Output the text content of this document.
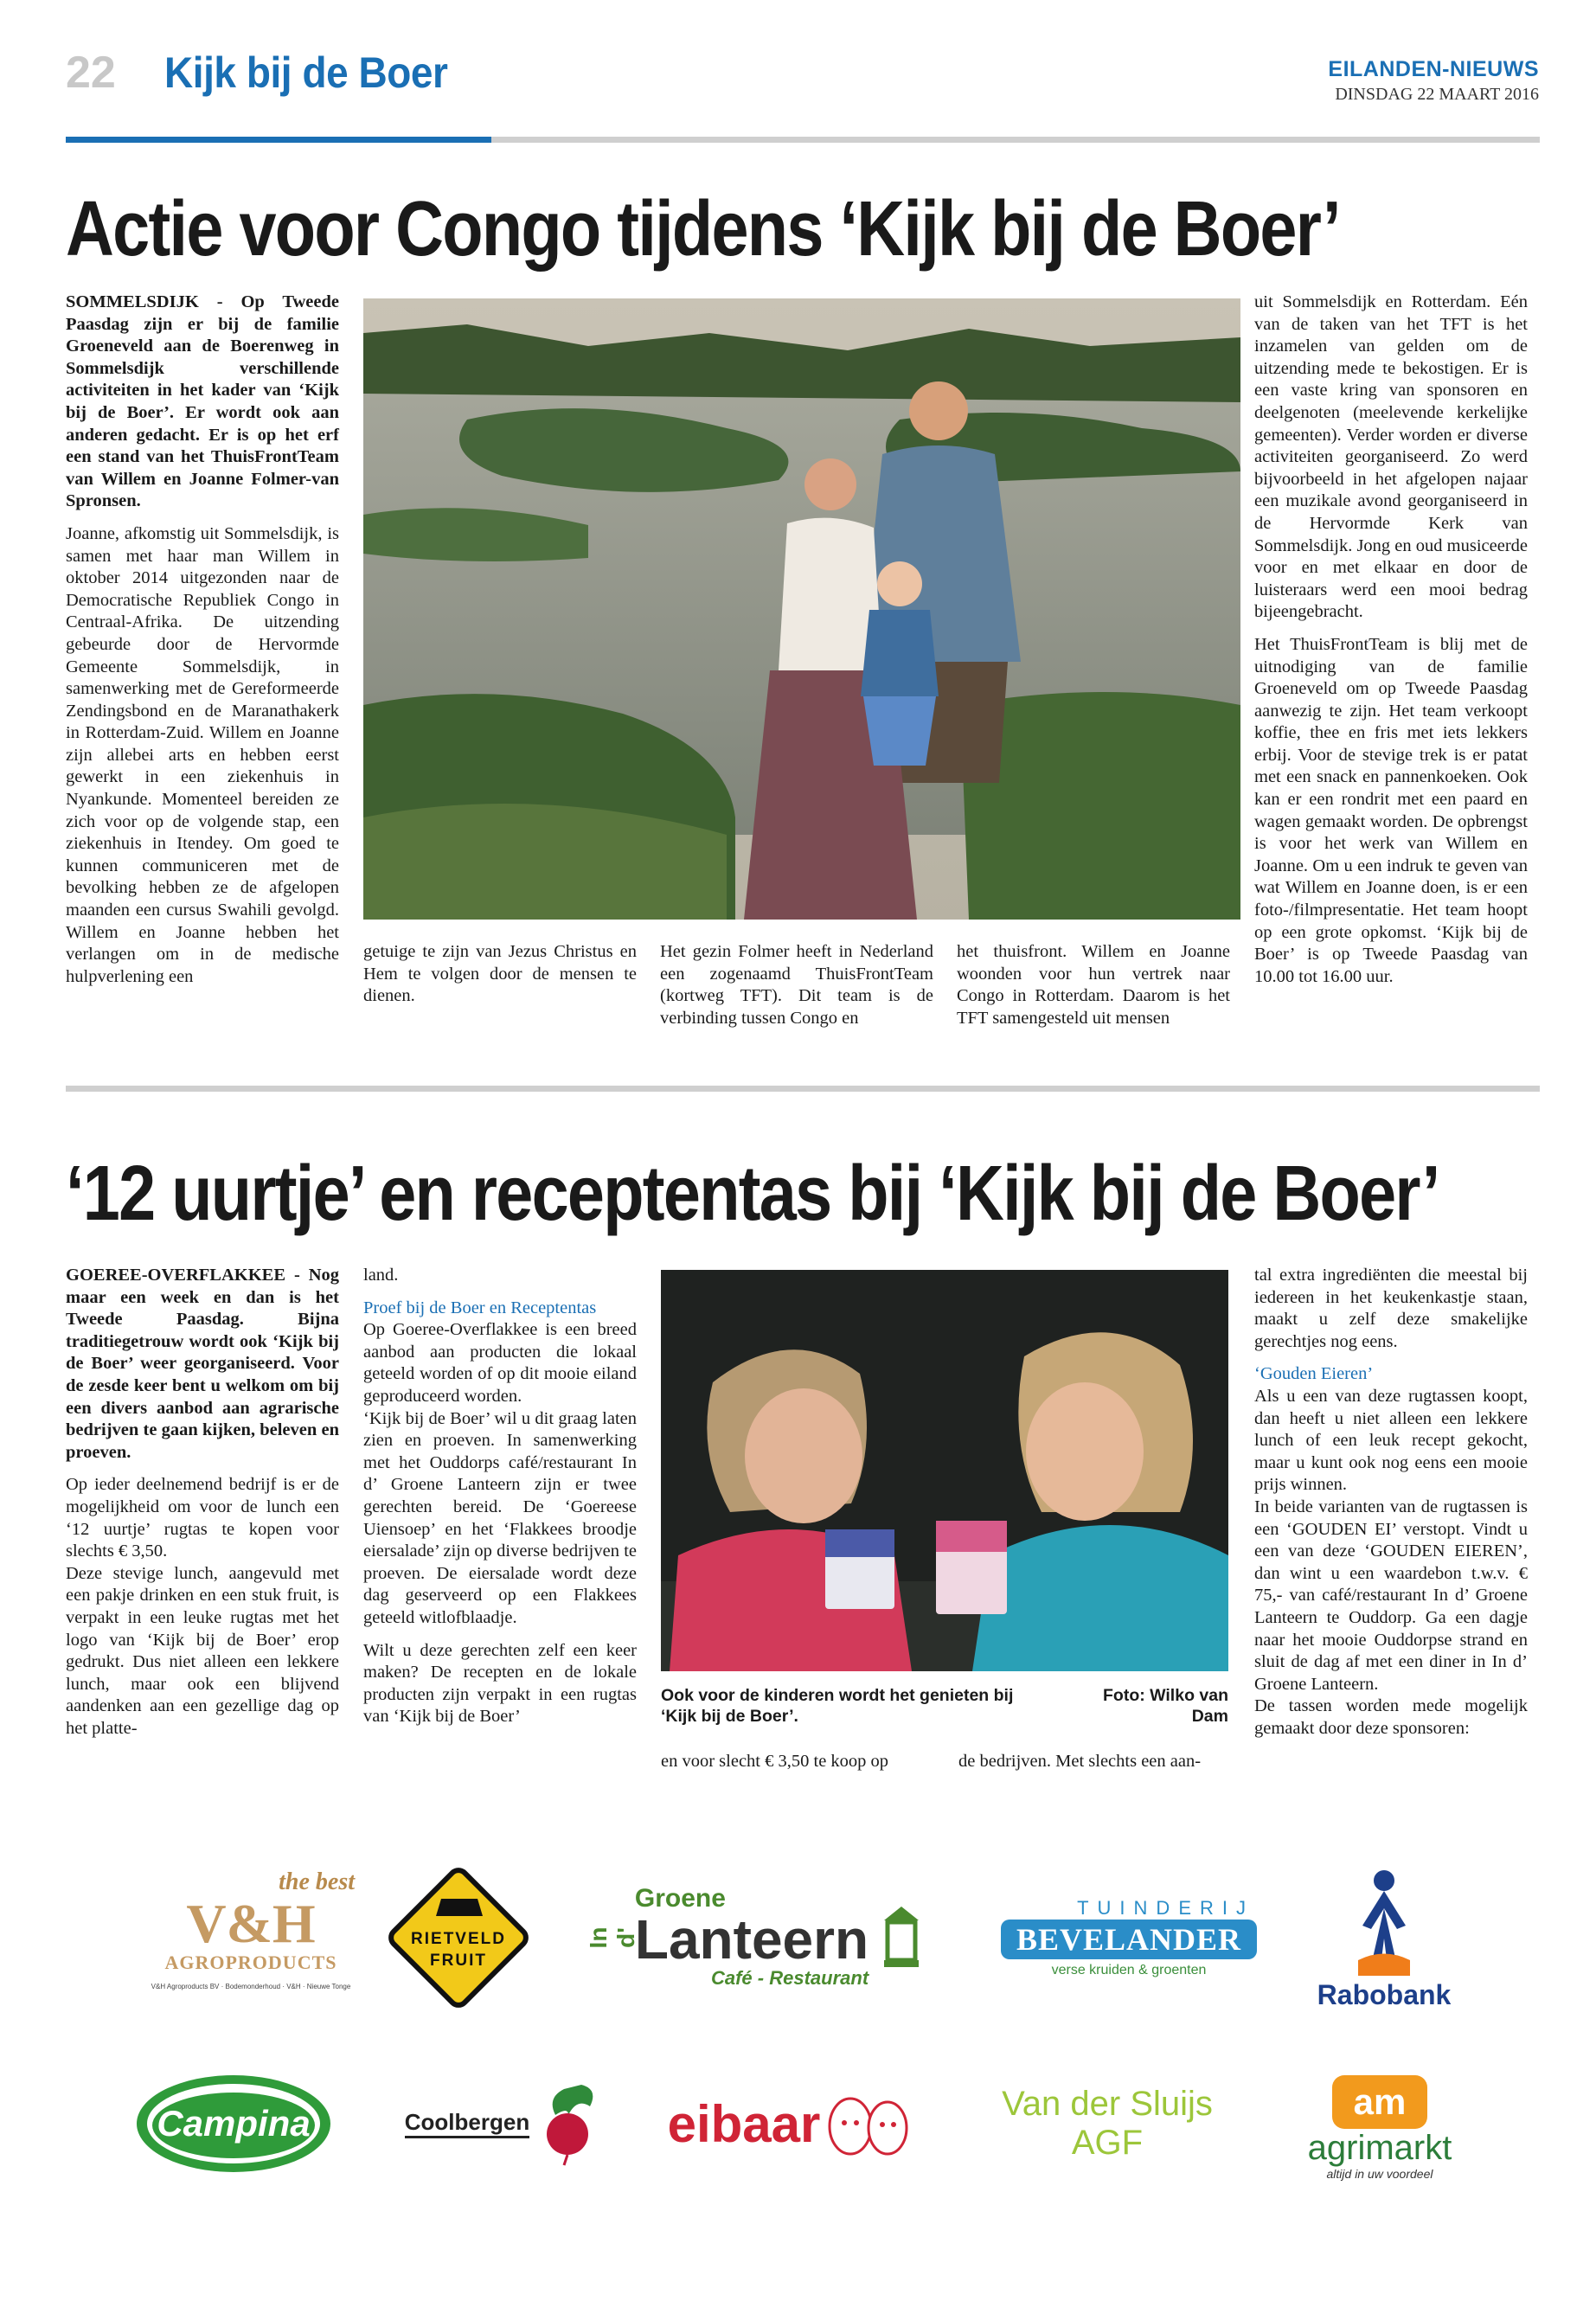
22 Kijk bij de Boer	EILANDEN-NIEUWS
DINSDAG 22 MAART 2016
Actie voor Congo tijdens ‘Kijk bij de Boer’

SOMMELSDIJK - Op Tweede Paasdag zijn er bij de familie Groeneveld aan de Boerenweg in Sommelsdijk verschillende activiteiten in het kader van ‘Kijk bij de Boer’. Er wordt ook aan anderen gedacht. Er is op het erf een stand van het ThuisFrontTeam van Willem en Joanne Folmer-van Spronsen.

Joanne, afkomstig uit Sommelsdijk, is samen met haar man Willem in oktober 2014 uitgezonden naar de Democratische Republiek Congo in Centraal-Afrika. De uitzending gebeurde door de Hervormde Gemeente Sommelsdijk, in samenwerking met de Gereformeerde Zendingsbond en de Maranathakerk in Rotterdam-Zuid. Willem en Joanne zijn allebei arts en hebben eerst gewerkt in een ziekenhuis in Nyankunde. Momenteel bereiden ze zich voor op de volgende stap, een ziekenhuis in Itendey. Om goed te kunnen communiceren met de bevolking hebben ze de afgelopen maanden een cursus Swahili gevolgd. Willem en Joanne hebben het verlangen om in de medische hulpverlening een

getuige te zijn van Jezus Christus en Hem te volgen door de mensen te dienen.

Het gezin Folmer heeft in Nederland een zogenaamd ThuisFrontTeam (kortweg TFT). Dit team is de verbinding tussen Congo en

het thuisfront. Willem en Joanne woonden voor hun vertrek naar Congo in Rotterdam. Daarom is het TFT samengesteld uit mensen

uit Sommelsdijk en Rotterdam. Eén van de taken van het TFT is het inzamelen van gelden om de uitzending mede te bekostigen. Er is een vaste kring van sponsoren en deelgenoten (meelevende kerkelijke gemeenten). Verder worden er diverse activiteiten georganiseerd. Zo werd bijvoorbeeld in het afgelopen najaar een muzikale avond georganiseerd in de Hervormde Kerk van Sommelsdijk. Jong en oud musiceerde voor en met elkaar en door de luisteraars werd een mooi bedrag bijeengebracht.

Het ThuisFrontTeam is blij met de uitnodiging van de familie Groeneveld om op Tweede Paasdag aanwezig te zijn. Het team verkoopt koffie, thee en fris met iets lekkers erbij. Voor de stevige trek is er patat met een snack en pannenkoeken. Ook kan er een rondrit met een paard en wagen gemaakt worden. De opbrengst is voor het werk van Willem en Joanne. Om u een indruk te geven van wat Willem en Joanne doen, is er een foto-/filmpresentatie. Het team hoopt op een grote opkomst. ‘Kijk bij de Boer’ is op Tweede Paasdag van 10.00 tot 16.00 uur.

‘12 uurtje’ en receptentas bij ‘Kijk bij de Boer’

GOEREE-OVERFLAKKEE - Nog maar een week en dan is het Tweede Paasdag. Bijna traditiegetrouw wordt ook ‘Kijk bij de Boer’ weer georganiseerd. Voor de zesde keer bent u welkom om bij een divers aanbod aan agrarische bedrijven te gaan kijken, beleven en proeven.

Op ieder deelnemend bedrijf is er de mogelijkheid om voor de lunch een ‘12 uurtje’ rugtas te kopen voor slechts € 3,50.

Deze stevige lunch, aangevuld met een pakje drinken en een stuk fruit, is verpakt in een leuke rugtas met het logo van ‘Kijk bij de Boer’ erop gedrukt. Dus niet alleen een lekkere lunch, maar ook een blijvend aandenken aan een gezellige dag op het platte-

land.

Proef bij de Boer en Receptentas

Op Goeree-Overflakkee is een breed aanbod aan producten die lokaal geteeld worden of op dit mooie eiland geproduceerd worden.

‘Kijk bij de Boer’ wil u dit graag laten zien en proeven. In samenwerking met het Ouddorps café/restaurant In d’ Groene Lanteern zijn er twee gerechten bereid. De ‘Goereese Uiensoep’ en het ‘Flakkees broodje eiersalade’ zijn op diverse bedrijven te proeven. De eiersalade wordt deze dag geserveerd op een Flakkees geteeld witlofblaadje.

Wilt u deze gerechten zelf een keer maken? De recepten en de lokale producten zijn verpakt in een rugtas van ‘Kijk bij de Boer’

Ook voor de kinderen wordt het genieten bij ‘Kijk bij de Boer’.
Foto: Wilko van Dam

en voor slecht € 3,50 te koop op	de bedrijven. Met slechts een aan-

tal extra ingrediënten die meestal bij iedereen in het keukenkastje staan, maakt u zelf deze smakelijke gerechtjes nog eens.

‘Gouden Eieren’

Als u een van deze rugtassen koopt, dan heeft u niet alleen een lekkere lunch of een leuk recept gekocht, maar u kunt ook nog eens een mooie prijs winnen.

In beide varianten van de rugtassen is een ‘GOUDEN EI’ verstopt. Vindt u een van deze ‘GOUDEN EIEREN’, dan wint u een waardebon t.w.v. € 75,- van café/restaurant In d’ Groene Lanteern te Ouddorp. Ga een dagje naar het mooie Ouddorpse strand en sluit de dag af met een diner in In d’ Groene Lanteern.

De tassen worden mede mogelijk gemaakt door deze sponsoren:

the best
V&H
AGROPRODUCTS
V&H Agroproducts BV · Bodemonderhoud · V&H · Nieuwe Tonge
RIETVELD
FRUIT
In d'
Groene
Lanteern
Café - Restaurant
TUINDERIJ
BEVELANDER
verse kruiden & groenten
Rabobank
Campina	Coolbergen	eibaar	Van der Sluijs
AGF
am
agrimarkt
altijd in uw voordeel
